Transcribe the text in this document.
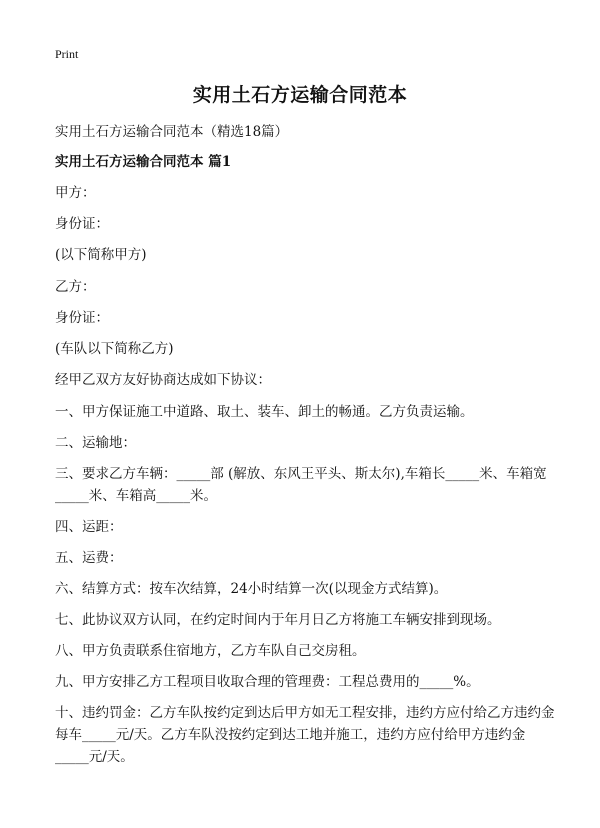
Print
实用土石方运输合同范本
实用土石方运输合同范本（精选18篇）
实用土石方运输合同范本 篇1
甲方：
身份证：
(以下简称甲方)
乙方：
身份证：
(车队以下简称乙方)
经甲乙双方友好协商达成如下协议：
一、甲方保证施工中道路、取土、装车、卸土的畅通。乙方负责运输。
二、运输地：
三、要求乙方车辆：_____部 (解放、东风王平头、斯太尔),车箱长_____米、车箱宽_____米、车箱高_____米。
四、运距：
五、运费：
六、结算方式：按车次结算，24小时结算一次(以现金方式结算)。
七、此协议双方认同，在约定时间内于年月日乙方将施工车辆安排到现场。
八、甲方负责联系住宿地方，乙方车队自己交房租。
九、甲方安排乙方工程项目收取合理的管理费：工程总费用的_____%。
十、违约罚金：乙方车队按约定到达后甲方如无工程安排，违约方应付给乙方违约金每车_____元/天。乙方车队没按约定到达工地并施工，违约方应付给甲方违约金_____元/天。
